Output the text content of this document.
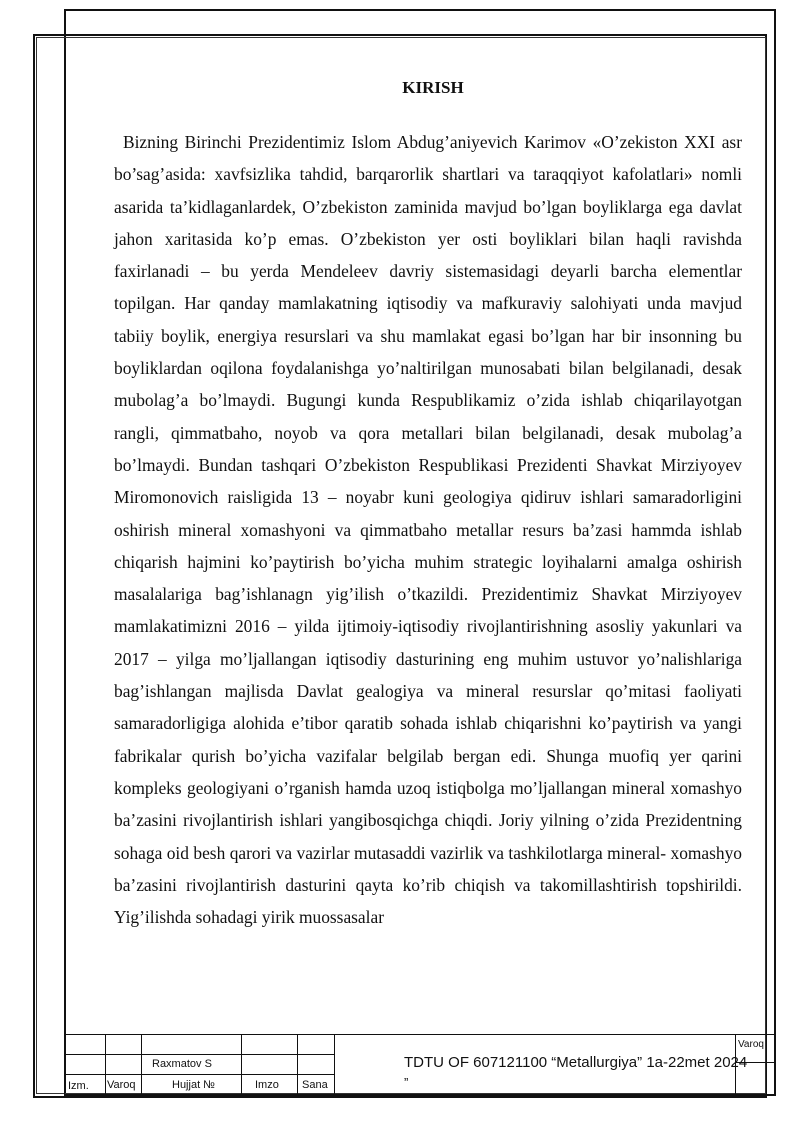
KIRISH

Bizning Birinchi Prezidentimiz Islom Abdug’aniyevich Karimov «O’zekiston XXI asr bo’sag’asida: xavfsizlika tahdid, barqarorlik shartlari va taraqqiyot kafolatlari» nomli asarida ta’kidlaganlardek, O’zbekiston zaminida mavjud bo’lgan boyliklarga ega davlat jahon xaritasida ko’p emas. O’zbekiston yer osti boyliklari bilan haqli ravishda faxirlanadi – bu yerda Mendeleev davriy sistemasidagi deyarli barcha elementlar topilgan. Har qanday mamlakatning iqtisodiy va mafkuraviy salohiyati unda mavjud tabiiy boylik, energiya resurslari va shu mamlakat egasi bo’lgan har bir insonning bu boyliklardan oqilona foydalanishga yo’naltirilgan munosabati bilan belgilanadi, desak mubolag’a bo’lmaydi. Bugungi kunda Respublikamiz o’zida ishlab chiqarilayotgan rangli, qimmatbaho, noyob va qora metallari bilan belgilanadi, desak mubolag’a bo’lmaydi. Bundan tashqari O’zbekiston Respublikasi Prezidenti Shavkat Mirziyoyev Miromonovich raisligida 13 – noyabr kuni geologiya qidiruv ishlari samaradorligini oshirish mineral xomashyoni va qimmatbaho metallar resurs ba’zasi hammda ishlab chiqarish hajmini ko’paytirish bo’yicha muhim strategic loyihalarni amalga oshirish masalalariga bag’ishlanagn yig’ilish o’tkazildi. Prezidentimiz Shavkat Mirziyoyev mamlakatimizni 2016 – yilda ijtimoiy-iqtisodiy rivojlantirishning asosliy yakunlari va 2017 – yilga mo’ljallangan iqtisodiy dasturining eng muhim ustuvor yo’nalishlariga bag’ishlangan majlisda Davlat gealogiya va mineral resurslar qo’mitasi faoliyati samaradorligiga alohida e’tibor qaratib sohada ishlab chiqarishni ko’paytirish va yangi fabrikalar qurish bo’yicha vazifalar belgilab bergan edi. Shunga muofiq yer qarini kompleks geologiyani o’rganish hamda uzoq istiqbolga mo’ljallangan mineral xomashyo ba’zasini rivojlantirish ishlari yangibosqichga chiqdi. Joriy yilning o’zida Prezidentning sohaga oid besh qarori va vazirlar mutasaddi vazirlik va tashkilotlarga mineral- xomashyo ba’zasini rivojlantirish dasturini qayta ko’rib chiqish va takomillashtirish topshirildi. Yig’ilishda sohadagi yirik muossasalar

Raxmatov S
Izm. Varoq	Hujjat №	Imzo Sana
TDTU OF 607121100 “Metallurgiya” 1a-22met 2024
”
Varoq
